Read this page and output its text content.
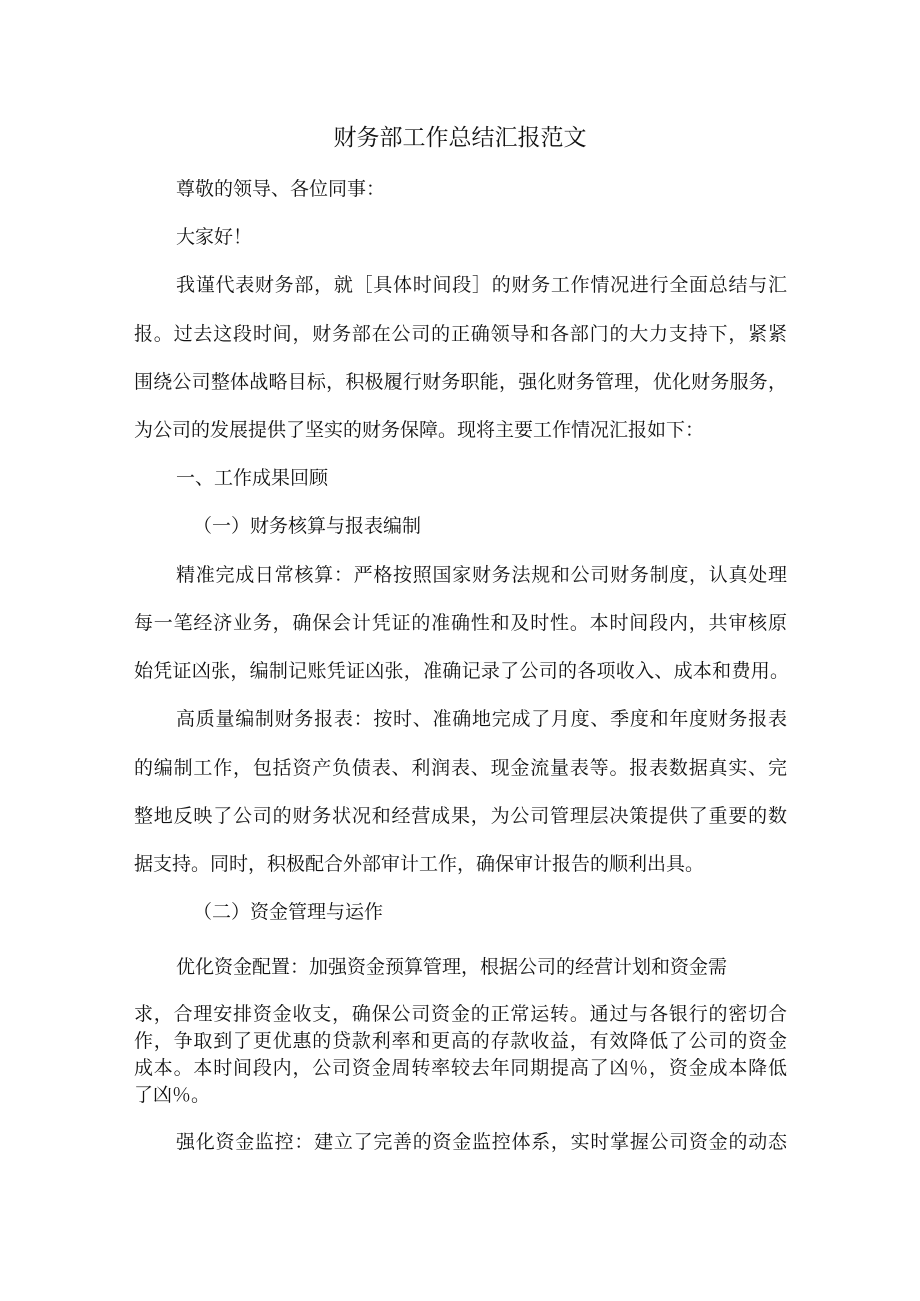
财务部工作总结汇报范文
尊敬的领导、各位同事：
大家好！
我谨代表财务部，就［具体时间段］的财务工作情况进行全面总结与汇
报。过去这段时间，财务部在公司的正确领导和各部门的大力支持下，紧紧
围绕公司整体战略目标，积极履行财务职能，强化财务管理，优化财务服务，
为公司的发展提供了坚实的财务保障。现将主要工作情况汇报如下：
一、工作成果回顾
（一）财务核算与报表编制
精准完成日常核算：严格按照国家财务法规和公司财务制度，认真处理
每一笔经济业务，确保会计凭证的准确性和及时性。本时间段内，共审核原
始凭证凶张，编制记账凭证凶张，准确记录了公司的各项收入、成本和费用。
高质量编制财务报表：按时、准确地完成了月度、季度和年度财务报表
的编制工作，包括资产负债表、利润表、现金流量表等。报表数据真实、完
整地反映了公司的财务状况和经营成果，为公司管理层决策提供了重要的数
据支持。同时，积极配合外部审计工作，确保审计报告的顺利出具。
（二）资金管理与运作
优化资金配置：加强资金预算管理，根据公司的经营计划和资金需
求，合理安排资金收支，确保公司资金的正常运转。通过与各银行的密切合
作，争取到了更优惠的贷款利率和更高的存款收益，有效降低了公司的资金
成本。本时间段内，公司资金周转率较去年同期提高了凶％，资金成本降低
了凶％。
强化资金监控：建立了完善的资金监控体系，实时掌握公司资金的动态
